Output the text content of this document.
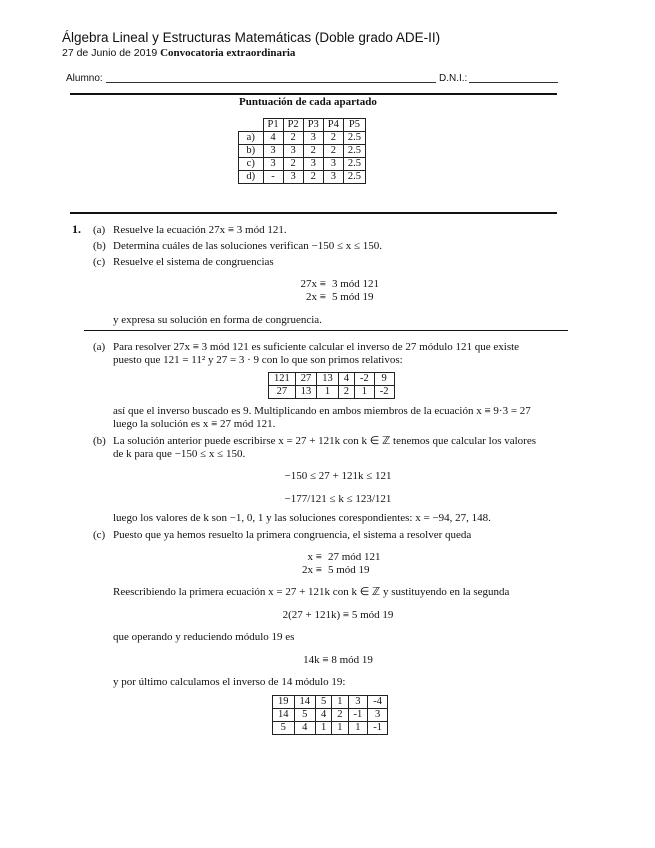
Álgebra Lineal y Estructuras Matemáticas (Doble grado ADE-II)
27 de Junio de 2019 Convocatoria extraordinaria
Alumno:	D.N.I.:
Puntuación de cada apartado
	P1	P2	P3	P4	P5
a)	4	2	3	2	2.5
b)	3	3	2	2	2.5
c)	3	2	3	3	2.5
d)	-	3	2	3	2.5
1. (a) Resuelve la ecuación 27x ≡ 3 mód 121.
(b) Determina cuáles de las soluciones verifican −150 ≤ x ≤ 150.
(c) Resuelve el sistema de congruencias
27x ≡ 3 mód 121
2x ≡ 5 mód 19
y expresa su solución en forma de congruencia.
(a) Para resolver 27x ≡ 3 mód 121 es suficiente calcular el inverso de 27 módulo 121 que existe
puesto que 121 = 11² y 27 = 3 · 9 con lo que son primos relativos:
121	27	13	4	-2	9
27	13	1	2	1	-2
así que el inverso buscado es 9. Multiplicando en ambos miembros de la ecuación x ≡ 9·3 = 27
luego la solución es x ≡ 27 mód 121.
(b) La solución anterior puede escribirse x = 27 + 121k con k ∈ ℤ tenemos que calcular los valores
de k para que −150 ≤ x ≤ 150.
−150 ≤ 27 + 121k ≤ 121
−177/121 ≤ k ≤ 123/121
luego los valores de k son −1, 0, 1 y las soluciones corespondientes: x = −94, 27, 148.
(c) Puesto que ya hemos resuelto la primera congruencia, el sistema a resolver queda
x ≡ 27 mód 121
2x ≡ 5 mód 19
Reescribiendo la primera ecuación x = 27 + 121k con k ∈ ℤ y sustituyendo en la segunda
2(27 + 121k) ≡ 5 mód 19
que operando y reduciendo módulo 19 es
14k ≡ 8 mód 19
y por último calculamos el inverso de 14 módulo 19:
19	14	5	1	3	-4
14	5	4	2	-1	3
5	4	1	1	1	-1
